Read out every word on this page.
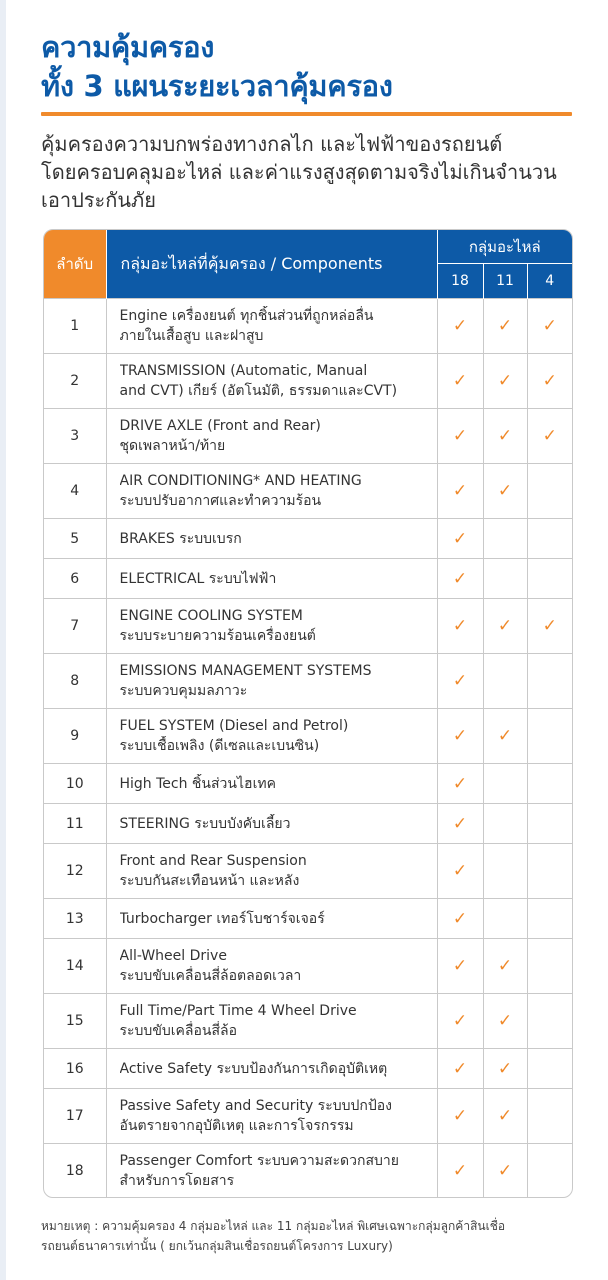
ความคุ้มครอง
ทั้ง 3 แผนระยะเวลาคุ้มครอง
คุ้มครองความบกพร่องทางกลไก และไฟฟ้าของรถยนต์
โดยครอบคลุมอะไหล่ และค่าแรงสูงสุดตามจริงไม่เกินจำนวน
เอาประกันภัย
ลำดับ	กลุ่มอะไหล่ที่คุ้มครอง / Components	กลุ่มอะไหล่		
		18	11	4
1	Engine เครื่องยนต์ ทุกชิ้นส่วนที่ถูกหล่อลื่น
ภายในเสื้อสูบ และฝาสูบ	✓	✓	✓
2	TRANSMISSION (Automatic, Manual
and CVT) เกียร์ (อัตโนมัติ, ธรรมดาและCVT)	✓	✓	✓
3	DRIVE AXLE (Front and Rear)
ชุดเพลาหน้า/ท้าย	✓	✓	✓
4	AIR CONDITIONING* AND HEATING
ระบบปรับอากาศและทำความร้อน	✓	✓	
5	BRAKES ระบบเบรก	✓		
6	ELECTRICAL ระบบไฟฟ้า	✓		
7	ENGINE COOLING SYSTEM
ระบบระบายความร้อนเครื่องยนต์	✓	✓	✓
8	EMISSIONS MANAGEMENT SYSTEMS
ระบบควบคุมมลภาวะ	✓		
9	FUEL SYSTEM (Diesel and Petrol)
ระบบเชื้อเพลิง (ดีเซลและเบนซิน)	✓	✓	
10	High Tech ชิ้นส่วนไฮเทค	✓		
11	STEERING ระบบบังคับเลี้ยว	✓		
12	Front and Rear Suspension
ระบบกันสะเทือนหน้า และหลัง	✓		
13	Turbocharger เทอร์โบชาร์จเจอร์	✓		
14	All-Wheel Drive
ระบบขับเคลื่อนสี่ล้อตลอดเวลา	✓	✓	
15	Full Time/Part Time 4 Wheel Drive
ระบบขับเคลื่อนสี่ล้อ	✓	✓	
16	Active Safety ระบบป้องกันการเกิดอุบัติเหตุ	✓	✓	
17	Passive Safety and Security ระบบปกป้อง
อันตรายจากอุบัติเหตุ และการโจรกรรม	✓	✓	
18	Passenger Comfort ระบบความสะดวกสบาย
สำหรับการโดยสาร	✓	✓	
หมายเหตุ : ความคุ้มครอง 4 กลุ่มอะไหล่ และ 11 กลุ่มอะไหล่ พิเศษเฉพาะกลุ่มลูกค้าสินเชื่อ
รถยนต์ธนาคารเท่านั้น ( ยกเว้นกลุ่มสินเชื่อรถยนต์โครงการ Luxury)
